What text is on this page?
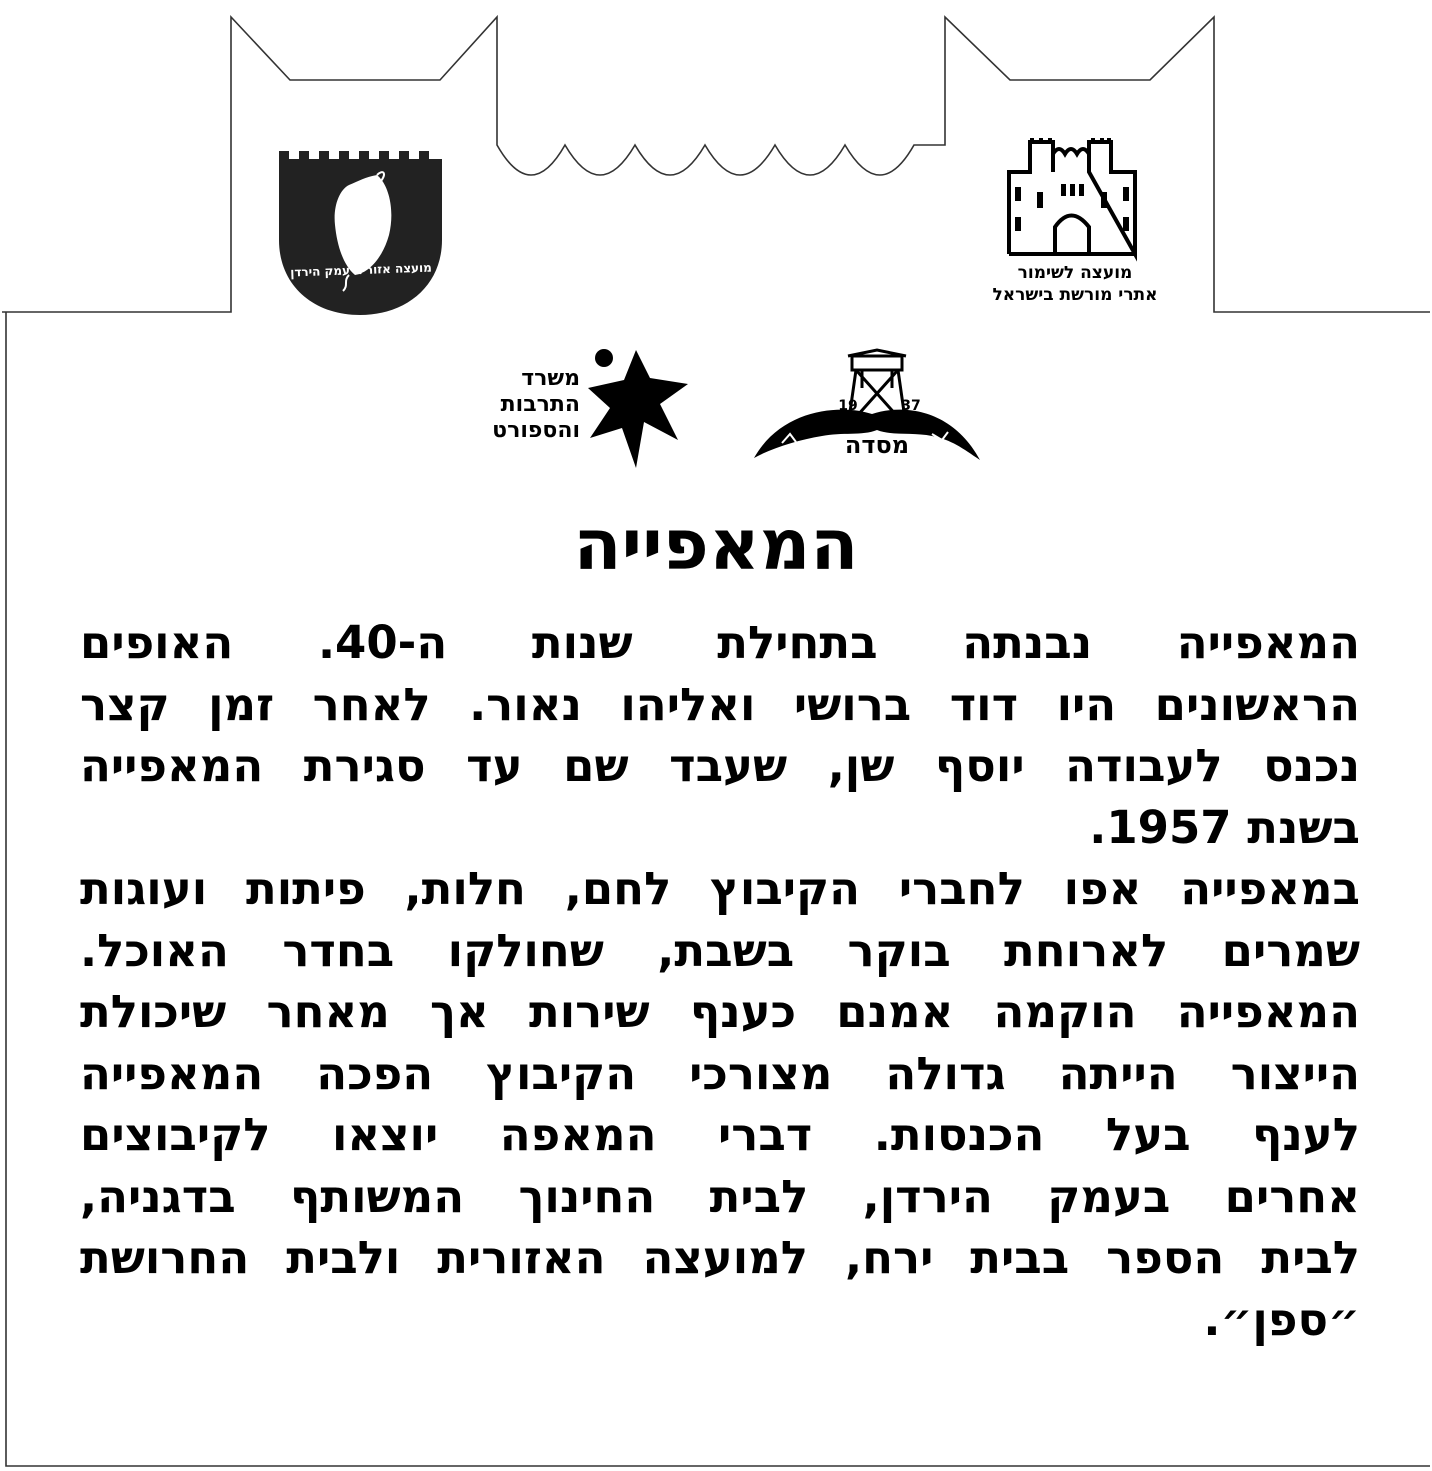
מועצה אזורית עמק הירדן	מועצה לשימור
אתרי מורשת בישראל
משרד
התרבות
והספורט
19	37
מסדה
המאפייה
המאפייה נבנתה בתחילת שנות ה-40. האופים
הראשונים היו דוד ברושי ואליהו נאור. לאחר זמן קצר
נכנס לעבודה יוסף שן, שעבד שם עד סגירת המאפייה
בשנת 1957.
במאפייה אפו לחברי הקיבוץ לחם, חלות, פיתות ועוגות
שמרים לארוחת בוקר בשבת, שחולקו בחדר האוכל.
המאפייה הוקמה אמנם כענף שירות אך מאחר שיכולת
הייצור הייתה גדולה מצורכי הקיבוץ הפכה המאפייה
לענף בעל הכנסות. דברי המאפה יוצאו לקיבוצים
אחרים בעמק הירדן, לבית החינוך המשותף בדגניה,
לבית הספר בבית ירח, למועצה האזורית ולבית החרושת
״ספן״.
